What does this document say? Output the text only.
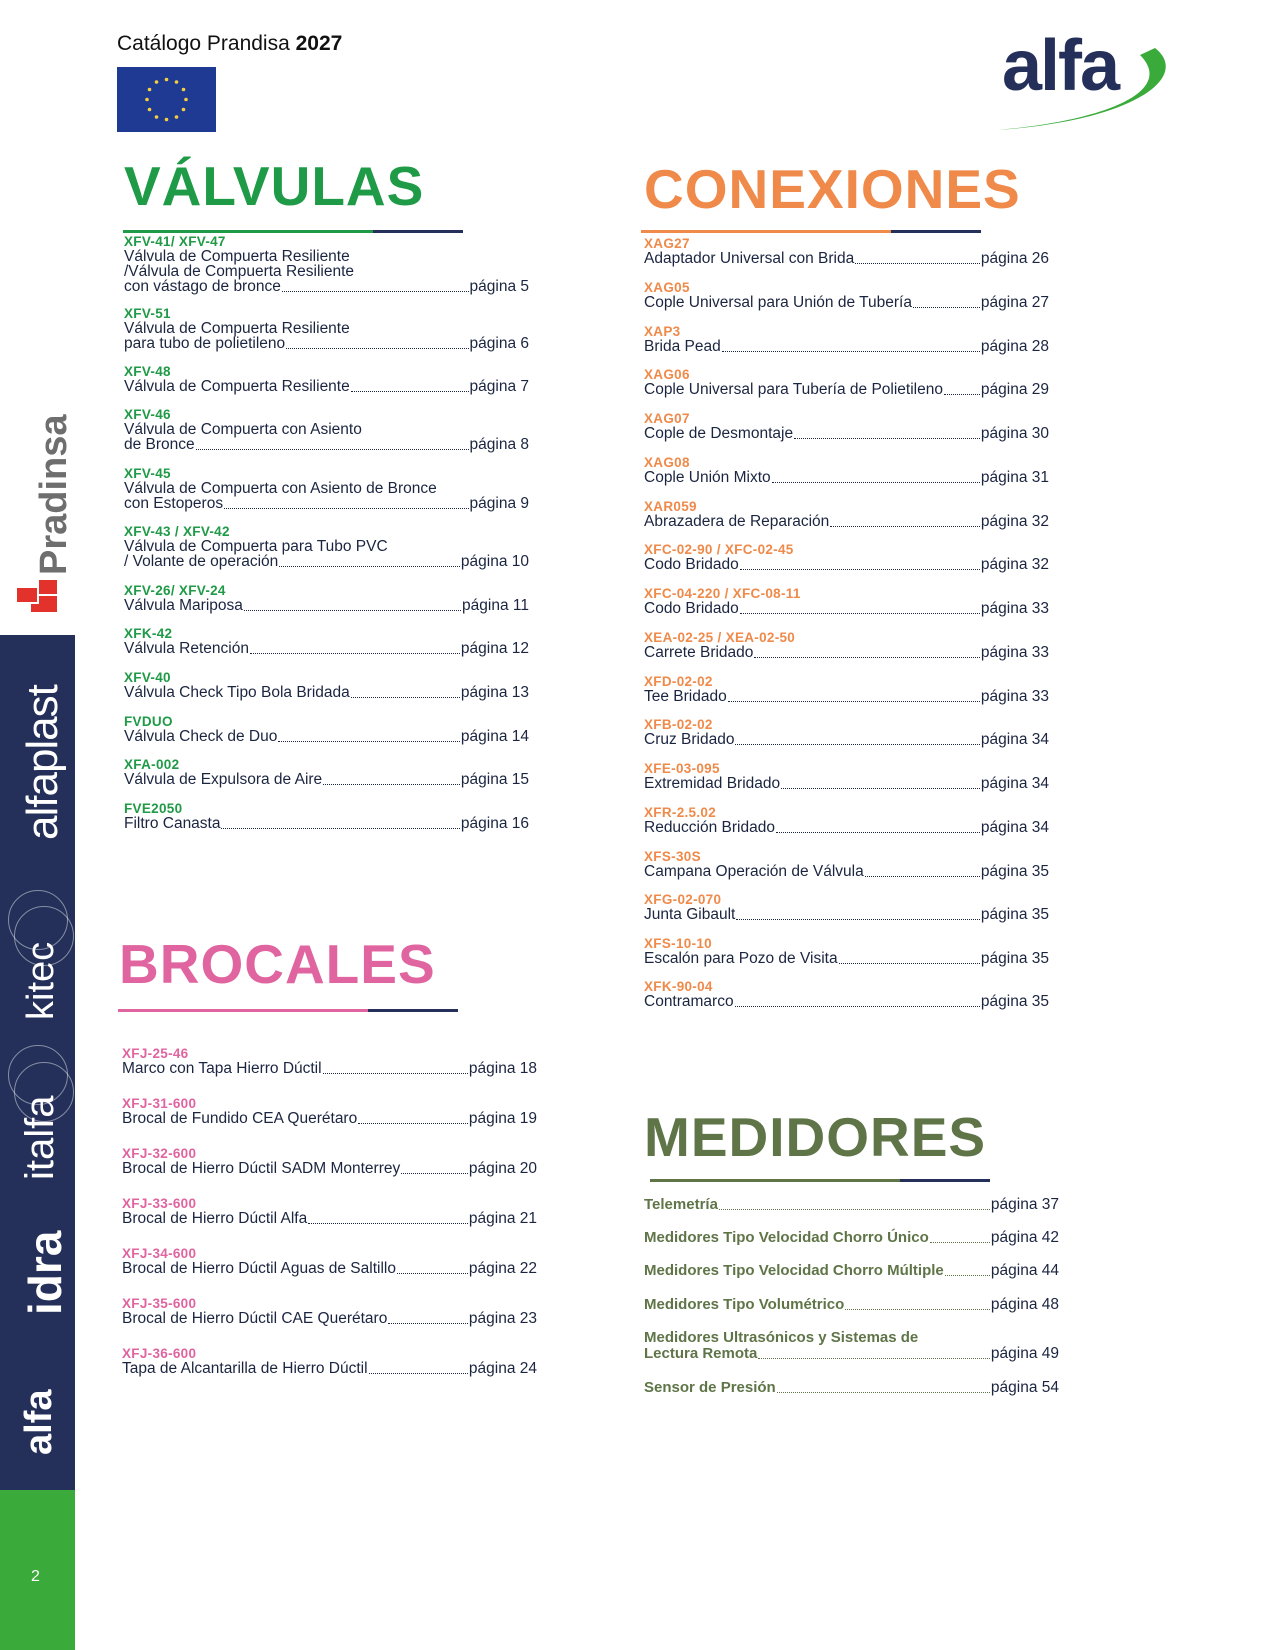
Pradinsa
alfaplast
kitec
italfa
idra
alfa
2
Catálogo Prandisa 2027	alfa
VÁLVULAS	CONEXIONES
BROCALES
MEDIDORES
XFV-41/ XFV-47
Válvula de Compuerta Resiliente
/Válvula de Compuerta Resiliente
con vástago de bronce	página 5
XFV-51
Válvula de Compuerta Resiliente
para tubo de polietileno	página 6
XFV-48
Válvula de Compuerta Resiliente	página 7
XFV-46
Válvula de Compuerta con Asiento
de Bronce	página 8
XFV-45
Válvula de Compuerta con Asiento de Bronce
con Estoperos	página 9
XFV-43 / XFV-42
Válvula de Compuerta para Tubo PVC
/ Volante de operación	página 10
XFV-26/ XFV-24
Válvula Mariposa	página 11
XFK-42
Válvula Retención	página 12
XFV-40
Válvula Check Tipo Bola Bridada	página 13
FVDUO
Válvula Check de Duo	página 14
XFA-002
Válvula de Expulsora de Aire	página 15
FVE2050
Filtro Canasta	página 16
XAG27
Adaptador Universal con Brida	página 26
XAG05
Cople Universal para Unión de Tubería	página 27
XAP3
Brida Pead	página 28
XAG06
Cople Universal para Tubería de Polietileno página 29
XAG07
Cople de Desmontaje	página 30
XAG08
Cople Unión Mixto	página 31
XAR059
Abrazadera de Reparación	página 32
XFC-02-90 / XFC-02-45
Codo Bridado	página 32
XFC-04-220 / XFC-08-11
Codo Bridado	página 33
XEA-02-25 / XEA-02-50
Carrete Bridado	página 33
XFD-02-02
Tee Bridado	página 33
XFB-02-02
Cruz Bridado	página 34
XFE-03-095
Extremidad Bridado	página 34
XFR-2.5.02
Reducción Bridado	página 34
XFS-30S
Campana Operación de Válvula	página 35
XFG-02-070
Junta Gibault	página 35
XFS-10-10
Escalón para Pozo de Visita	página 35
XFK-90-04
Contramarco	página 35
XFJ-25-46
Marco con Tapa Hierro Dúctil	página 18
XFJ-31-600
Brocal de Fundido CEA Querétaro	página 19
XFJ-32-600
Brocal de Hierro Dúctil SADM Monterrey	página 20
XFJ-33-600
Brocal de Hierro Dúctil Alfa	página 21
XFJ-34-600
Brocal de Hierro Dúctil Aguas de Saltillo	página 22
XFJ-35-600
Brocal de Hierro Dúctil CAE Querétaro	página 23
XFJ-36-600
Tapa de Alcantarilla de Hierro Dúctil	página 24
Telemetría	página 37
Medidores Tipo Velocidad Chorro Único	página 42
Medidores Tipo Velocidad Chorro Múltiple	página 44
Medidores Tipo Volumétrico	página 48
Medidores Ultrasónicos y Sistemas de
Lectura Remota	página 49
Sensor de Presión	página 54
